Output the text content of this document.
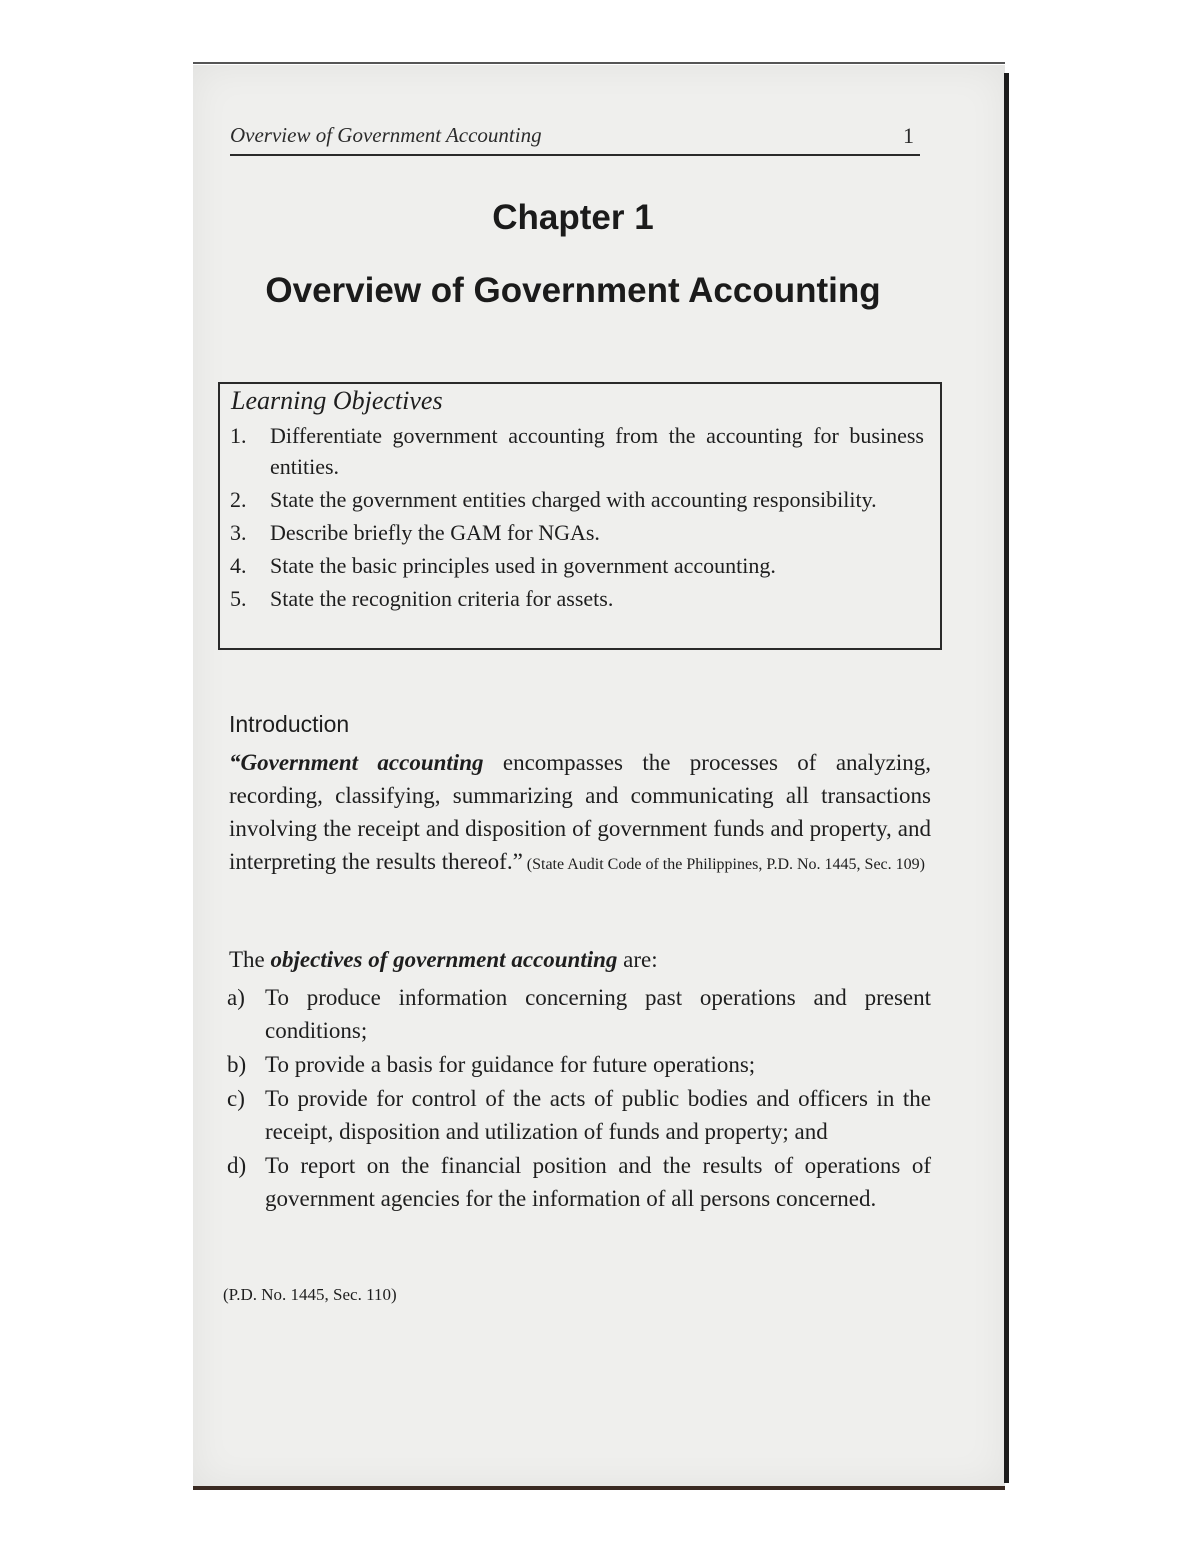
Overview of Government Accounting	1
Chapter 1
Overview of Government Accounting
Learning Objectives
1. Differentiate government accounting from the accounting for business entities.
2. State the government entities charged with accounting responsibility.
3. Describe briefly the GAM for NGAs.
4. State the basic principles used in government accounting.
5. State the recognition criteria for assets.
Introduction

“Government accounting encompasses the processes of analyzing, recording, classifying, summarizing and communicating all transactions involving the receipt and disposition of government funds and property, and interpreting the results thereof.” (State Audit Code of the Philippines, P.D. No. 1445, Sec. 109)

The objectives of government accounting are:
a) To produce information concerning past operations and present conditions;
b) To provide a basis for guidance for future operations;
c) To provide for control of the acts of public bodies and officers in the receipt, disposition and utilization of funds and property; and
d) To report on the financial position and the results of operations of government agencies for the information of all persons concerned.
(P.D. No. 1445, Sec. 110)
